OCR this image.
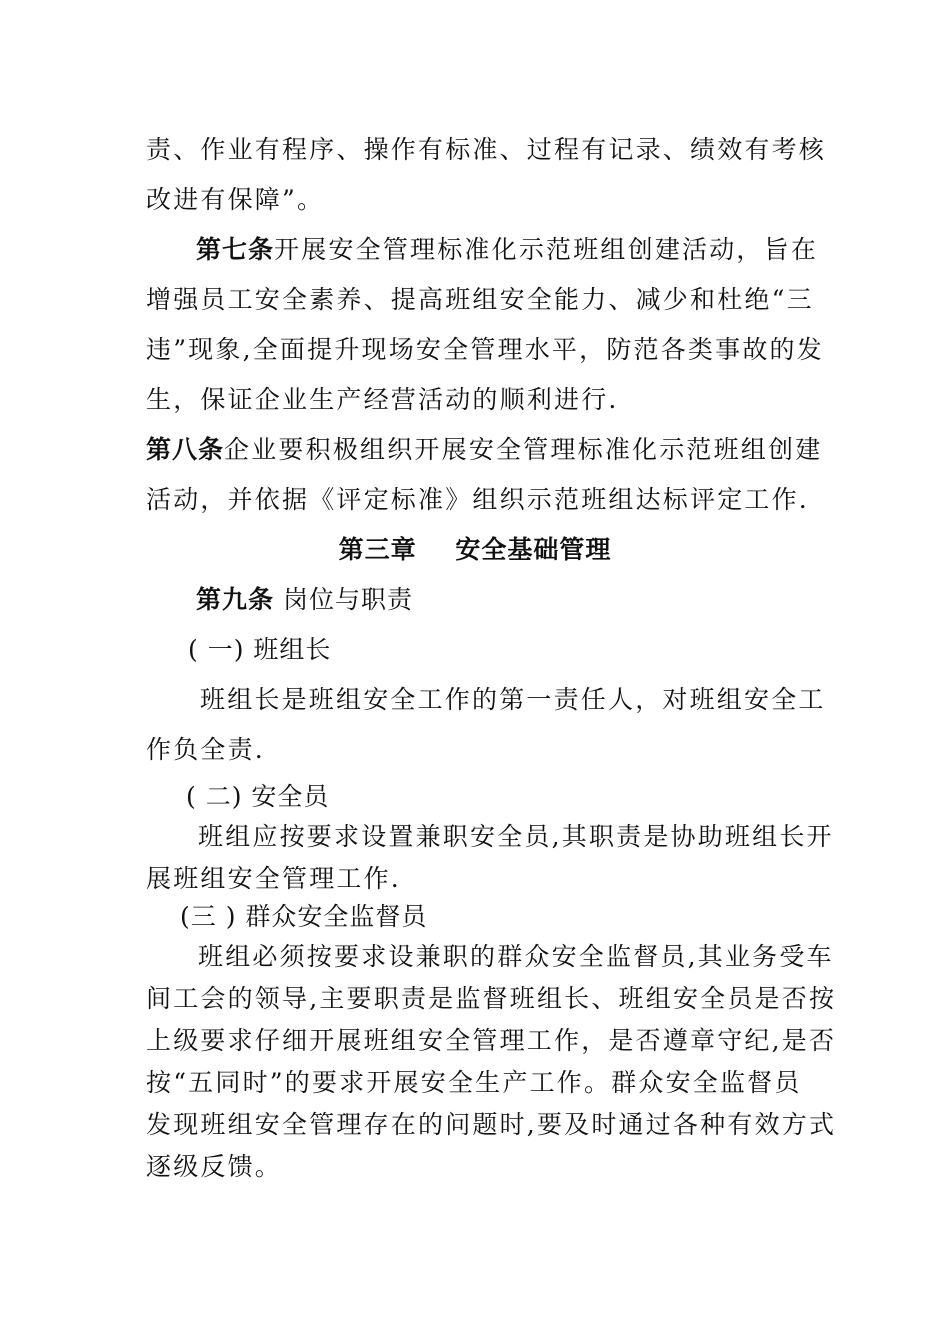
责、作业有程序、操作有标准、过程有记录、绩效有考核
改进有保障”。
第七条开展安全管理标准化示范班组创建活动，旨在
增强员工安全素养、提高班组安全能力、减少和杜绝“三
违”现象,全面提升现场安全管理水平，防范各类事故的发
生，保证企业生产经营活动的顺利进行.
第八条企业要积极组织开展安全管理标准化示范班组创建
活动，并依据《评定标准》组织示范班组达标评定工作.
第三章    安全基础管理
第九条 岗位与职责
( 一) 班组长
班组长是班组安全工作的第一责任人，对班组安全工
作负全责.
( 二) 安全员
班组应按要求设置兼职安全员,其职责是协助班组长开
展班组安全管理工作.
(三 ) 群众安全监督员
班组必须按要求设兼职的群众安全监督员,其业务受车
间工会的领导,主要职责是监督班组长、班组安全员是否按
上级要求仔细开展班组安全管理工作，是否遵章守纪,是否
按“五同时”的要求开展安全生产工作。群众安全监督员
发现班组安全管理存在的问题时,要及时通过各种有效方式
逐级反馈。
